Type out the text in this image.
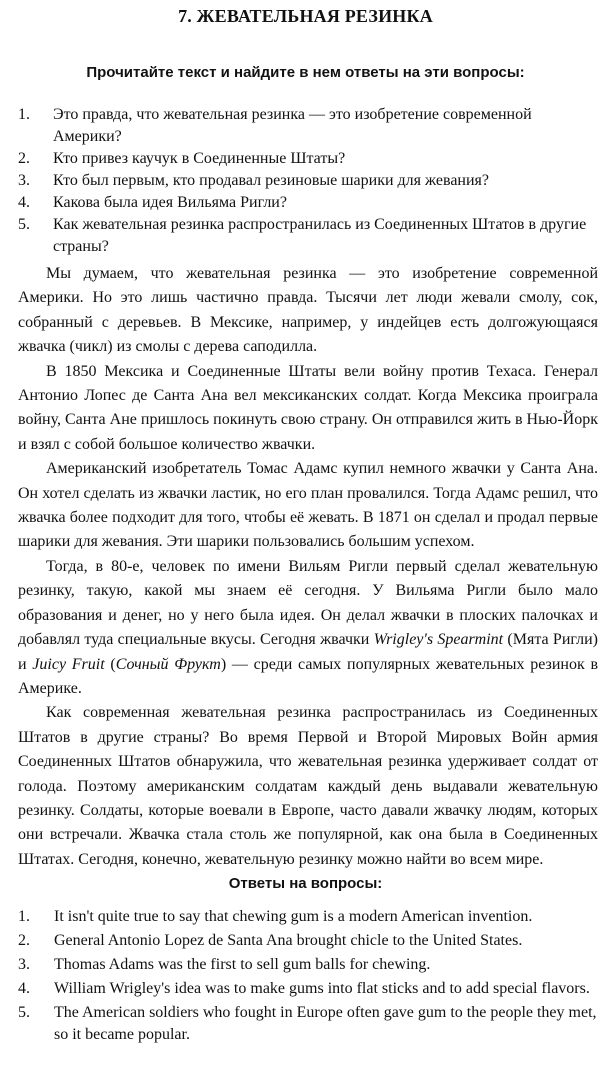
7. ЖЕВАТЕЛЬНАЯ РЕЗИНКА
Прочитайте текст и найдите в нем ответы на эти вопросы:

1. Это правда, что жевательная резинка — это изобретение современной Америки?

2. Кто привез каучук в Соединенные Штаты?

3. Кто был первым, кто продавал резиновые шарики для жевания?

4. Какова была идея Вильяма Ригли?

5. Как жевательная резинка распространилась из Соединенных Штатов в другие страны?

Мы думаем, что жевательная резинка — это изобретение современной Америки. Но это лишь частично правда. Тысячи лет люди жевали смолу, сок, собранный с деревьев. В Мексике, например, у индейцев есть долгожующаяся жвачка (чикл) из смолы с дерева саподилла.

В 1850 Мексика и Соединенные Штаты вели войну против Техаса. Генерал Антонио Лопес де Санта Ана вел мексиканских солдат. Когда Мексика проиграла войну, Санта Анe пришлось покинуть свою страну. Он отправился жить в Нью-Йорк и взял с собой большое количество жвачки.

Американский изобретатель Томас Адамс купил немного жвачки у Санта Ана. Он хотел сделать из жвачки ластик, но его план провалился. Тогда Адамс решил, что жвачка более подходит для того, чтобы её жевать. В 1871 он сделал и продал первые шарики для жевания. Эти шарики пользовались большим успехом.

Тогда, в 80-е, человек по имени Вильям Ригли первый сделал жевательную резинку, такую, какой мы знаем её сегодня. У Вильяма Ригли было мало образования и денег, но у него была идея. Он делал жвачки в плоских палочках и добавлял туда специальные вкусы. Сегодня жвачки Wrigley's Spearmint (Мята Ригли) и Juicy Fruit (Сочный Фрукт) — среди самых популярных жевательных резинок в Америке.

Как современная жевательная резинка распространилась из Соединенных Штатов в другие страны? Во время Первой и Второй Мировых Войн армия Соединенных Штатов обнаружила, что жевательная резинка удерживает солдат от голода. Поэтому американским солдатам каждый день выдавали жевательную резинку. Солдаты, которые воевали в Европе, часто давали жвачку людям, которых они встречали. Жвачка стала столь же популярной, как она была в Соединенных Штатах. Сегодня, конечно, жевательную резинку можно найти во всем мире.

Ответы на вопросы:

1. It isn't quite true to say that chewing gum is a modern American invention.

2. General Antonio Lopez de Santa Ana brought chicle to the United States.

3. Thomas Adams was the first to sell gum balls for chewing.

4. William Wrigley's idea was to make gums into flat sticks and to add special flavors.

5. The American soldiers who fought in Europe often gave gum to the people they met, so it became popular.
